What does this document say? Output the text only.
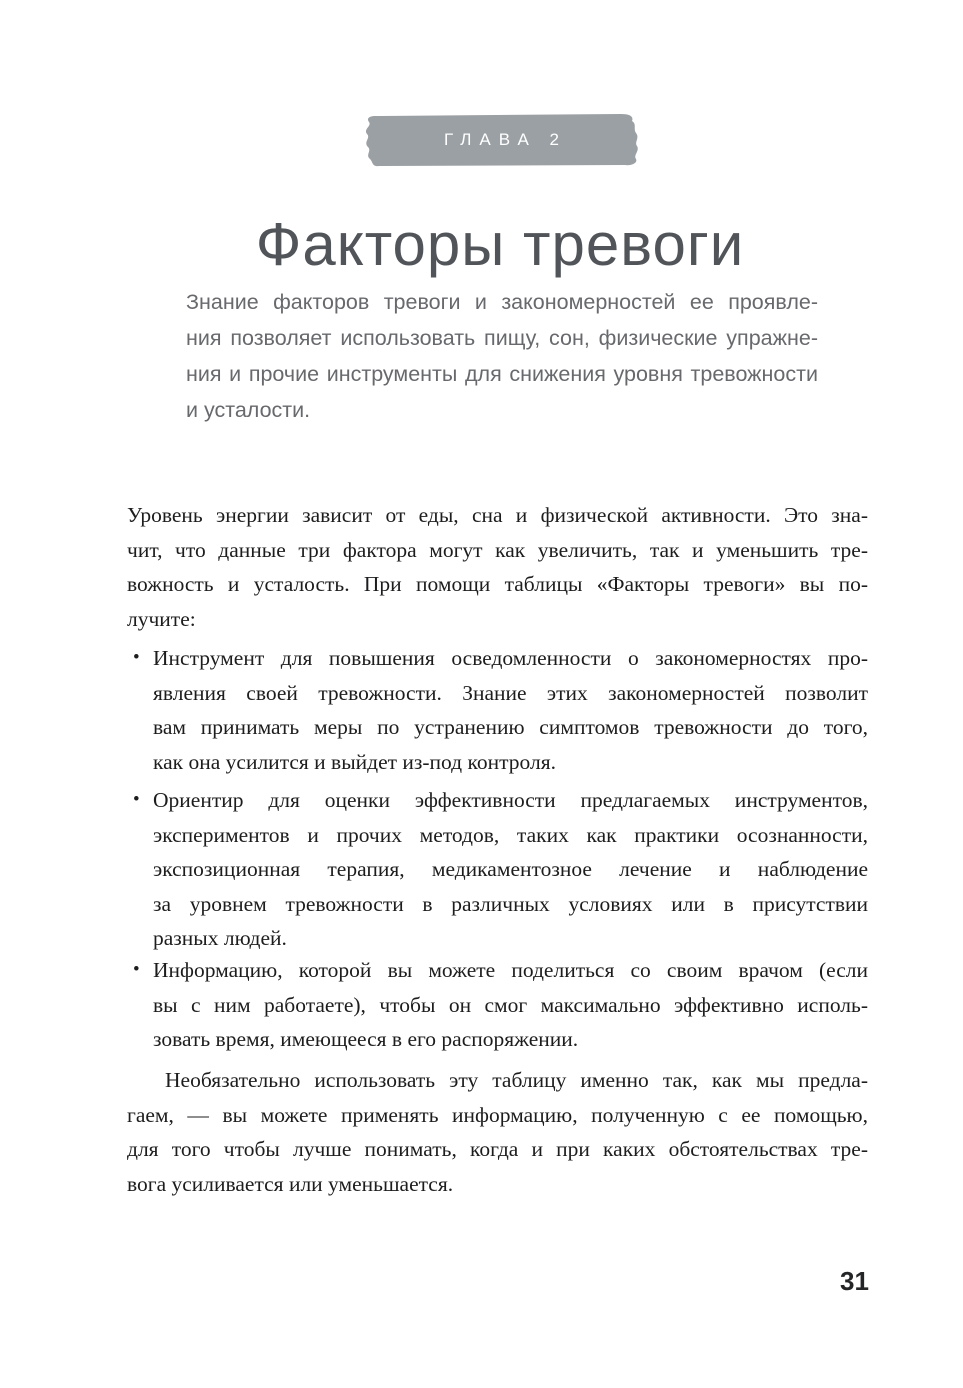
ГЛАВА 2
Факторы тревоги
Знание факторов тревоги и закономерностей ее проявле-
ния позволяет использовать пищу, сон, физические упражне-
ния и прочие инструменты для снижения уровня тревожности
и усталости.
Уровень энергии зависит от еды, сна и физической активности. Это зна-
чит, что данные три фактора могут как увеличить, так и уменьшить тре-
вожность и усталость. При помощи таблицы «Факторы тревоги» вы по-
лучите:
• Инструмент для повышения осведомленности о закономерностях про-
явления своей тревожности. Знание этих закономерностей позволит
вам принимать меры по устранению симптомов тревожности до того,
как она усилится и выйдет из-под контроля.
• Ориентир для оценки эффективности предлагаемых инструментов,
экспериментов и прочих методов, таких как практики осознанности,
экспозиционная терапия, медикаментозное лечение и наблюдение
за уровнем тревожности в различных условиях или в присутствии
разных людей.
• Информацию, которой вы можете поделиться со своим врачом (если
вы с ним работаете), чтобы он смог максимально эффективно исполь-
зовать время, имеющееся в его распоряжении.
Необязательно использовать эту таблицу именно так, как мы предла-
гаем, — вы можете применять информацию, полученную с ее помощью,
для того чтобы лучше понимать, когда и при каких обстоятельствах тре-
вога усиливается или уменьшается.
31
